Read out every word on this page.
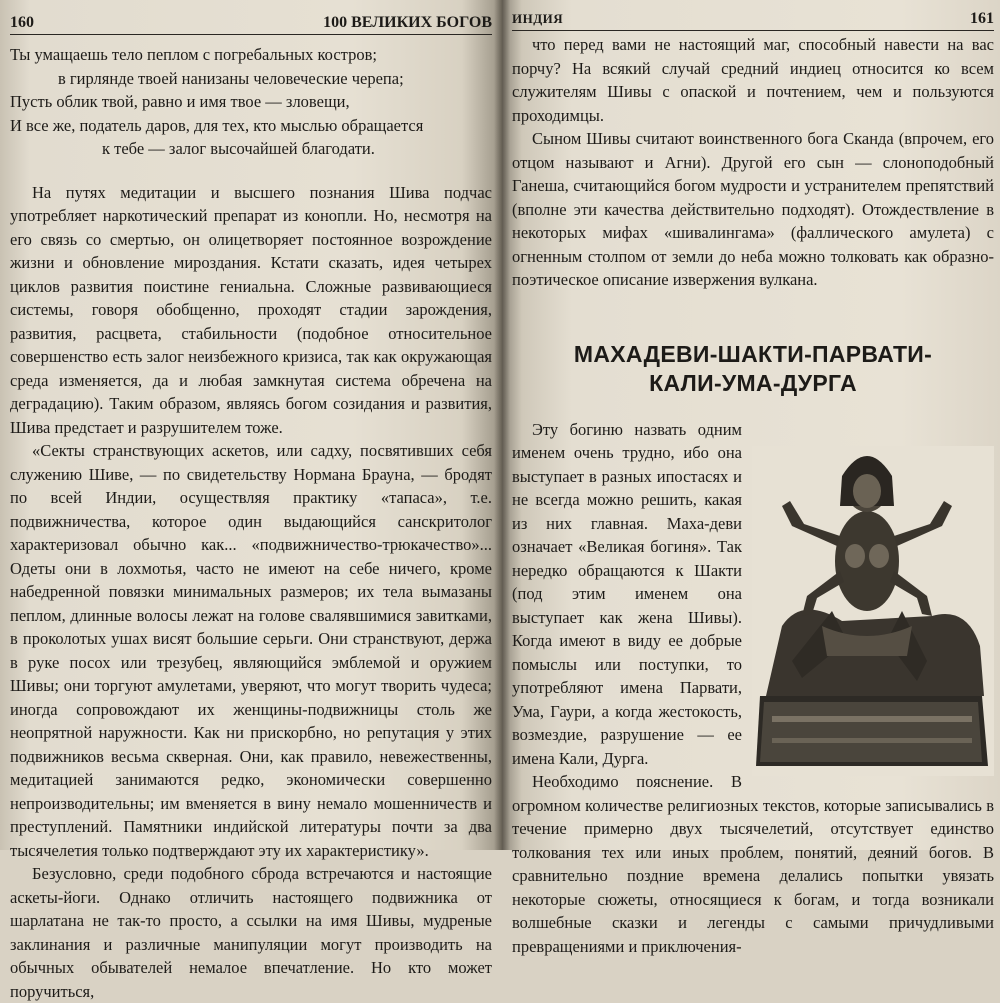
160	100 ВЕЛИКИХ БОГОВ
Ты умащаешь тело пеплом с погребальных костров;
в гирлянде твоей нанизаны человеческие черепа;
Пусть облик твой, равно и имя твое — зловещи,
И все же, податель даров, для тех, кто мыслью обращается
к тебе — залог высочайшей благодати.

На путях медитации и высшего познания Шива подчас употребляет наркотический препарат из конопли. Но, несмотря на его связь со смертью, он олицетворяет постоянное возрождение жизни и обновление мироздания. Кстати сказать, идея четырех циклов развития поистине гениальна. Сложные развивающиеся системы, говоря обобщенно, проходят стадии зарождения, развития, расцвета, стабильности (подобное относительное совершенство есть залог неизбежного кризиса, так как окружающая среда изменяется, да и любая замкнутая система обречена на деградацию). Таким образом, являясь богом созидания и развития, Шива предстает и разрушителем тоже.

«Секты странствующих аскетов, или садху, посвятивших себя служению Шиве, — по свидетельству Нормана Брауна, — бродят по всей Индии, осуществляя практику «тапаса», т.е. подвижничества, которое один выдающийся санскритолог характеризовал обычно как... «подвижничество-трюкачество»... Одеты они в лохмотья, часто не имеют на себе ничего, кроме набедренной повязки минимальных размеров; их тела вымазаны пеплом, длинные волосы лежат на голове свалявшимися завитками, в проколотых ушах висят большие серьги. Они странствуют, держа в руке посох или трезубец, являющийся эмблемой и оружием Шивы; они торгуют амулетами, уверяют, что могут творить чудеса; иногда сопровождают их женщины-подвижницы столь же неопрятной наружности. Как ни прискорбно, но репутация у этих подвижников весьма скверная. Они, как правило, невежественны, медитацией занимаются редко, экономически совершенно непроизводительны; им вменяется в вину немало мошенничеств и преступлений. Памятники индийской литературы почти за два тысячелетия только подтверждают эту их характеристику».

Безусловно, среди подобного сброда встречаются и настоящие аскеты-йоги. Однако отличить настоящего подвижника от шарлатана не так-то просто, а ссылки на имя Шивы, мудреные заклинания и различные манипуляции могут производить на обычных обывателей немалое впечатление. Но кто может поручиться,

ИНДИЯ	161

что перед вами не настоящий маг, способный навести на вас порчу? На всякий случай средний индиец относится ко всем служителям Шивы с опаской и почтением, чем и пользуются проходимцы.

Сыном Шивы считают воинственного бога Сканда (впрочем, его отцом называют и Агни). Другой его сын — слоноподобный Ганеша, считающийся богом мудрости и устранителем препятствий (вполне эти качества действительно подходят). Отождествление в некоторых мифах «шивалингама» (фаллического амулета) с огненным столпом от земли до неба можно толковать как образно-поэтическое описание извержения вулкана.

МАХАДЕВИ-ШАКТИ-ПАРВАТИ-
КАЛИ-УМА-ДУРГА

Эту богиню назвать одним именем очень трудно, ибо она выступает в разных ипостасях и не всегда можно решить, какая из них главная. Маха-деви означает «Великая богиня». Так нередко обращаются к Шакти (под этим именем она выступает как жена Шивы). Когда имеют в виду ее добрые помыслы или поступки, то употребляют имена Парвати, Ума, Гаури, а когда жестокость, возмездие, разрушение — ее имена Кали, Дурга.

Необходимо пояснение. В огромном количестве религиозных текстов, которые записывались в течение примерно двух тысячелетий, отсутствует единство толкования тех или иных проблем, понятий, деяний богов. В сравнительно поздние времена делались попытки увязать некоторые сюжеты, относящиеся к богам, и тогда возникали волшебные сказки и легенды с самыми причудливыми превращениями и приключения-
